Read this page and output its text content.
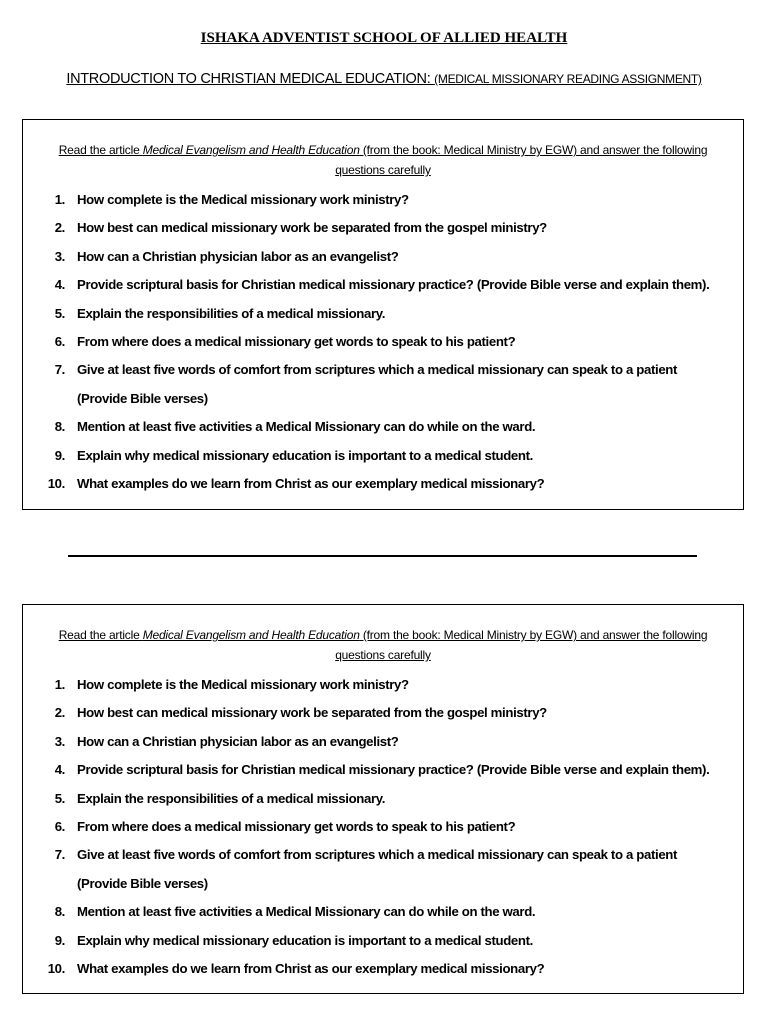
ISHAKA ADVENTIST SCHOOL OF ALLIED HEALTH
INTRODUCTION TO CHRISTIAN MEDICAL EDUCATION: (MEDICAL MISSIONARY READING ASSIGNMENT)
Read the article Medical Evangelism and Health Education (from the book: Medical Ministry by EGW) and answer the following questions carefully
1. How complete is the Medical missionary work ministry?
2. How best can medical missionary work be separated from the gospel ministry?
3. How can a Christian physician labor as an evangelist?
4. Provide scriptural basis for Christian medical missionary practice? (Provide Bible verse and explain them).
5. Explain the responsibilities of a medical missionary.
6. From where does a medical missionary get words to speak to his patient?
7. Give at least five words of comfort from scriptures which a medical missionary can speak to a patient
(Provide Bible verses)
8. Mention at least five activities a Medical Missionary can do while on the ward.
9. Explain why medical missionary education is important to a medical student.
10. What examples do we learn from Christ as our exemplary medical missionary?
Read the article Medical Evangelism and Health Education (from the book: Medical Ministry by EGW) and answer the following questions carefully
1. How complete is the Medical missionary work ministry?
2. How best can medical missionary work be separated from the gospel ministry?
3. How can a Christian physician labor as an evangelist?
4. Provide scriptural basis for Christian medical missionary practice? (Provide Bible verse and explain them).
5. Explain the responsibilities of a medical missionary.
6. From where does a medical missionary get words to speak to his patient?
7. Give at least five words of comfort from scriptures which a medical missionary can speak to a patient
(Provide Bible verses)
8. Mention at least five activities a Medical Missionary can do while on the ward.
9. Explain why medical missionary education is important to a medical student.
10. What examples do we learn from Christ as our exemplary medical missionary?
